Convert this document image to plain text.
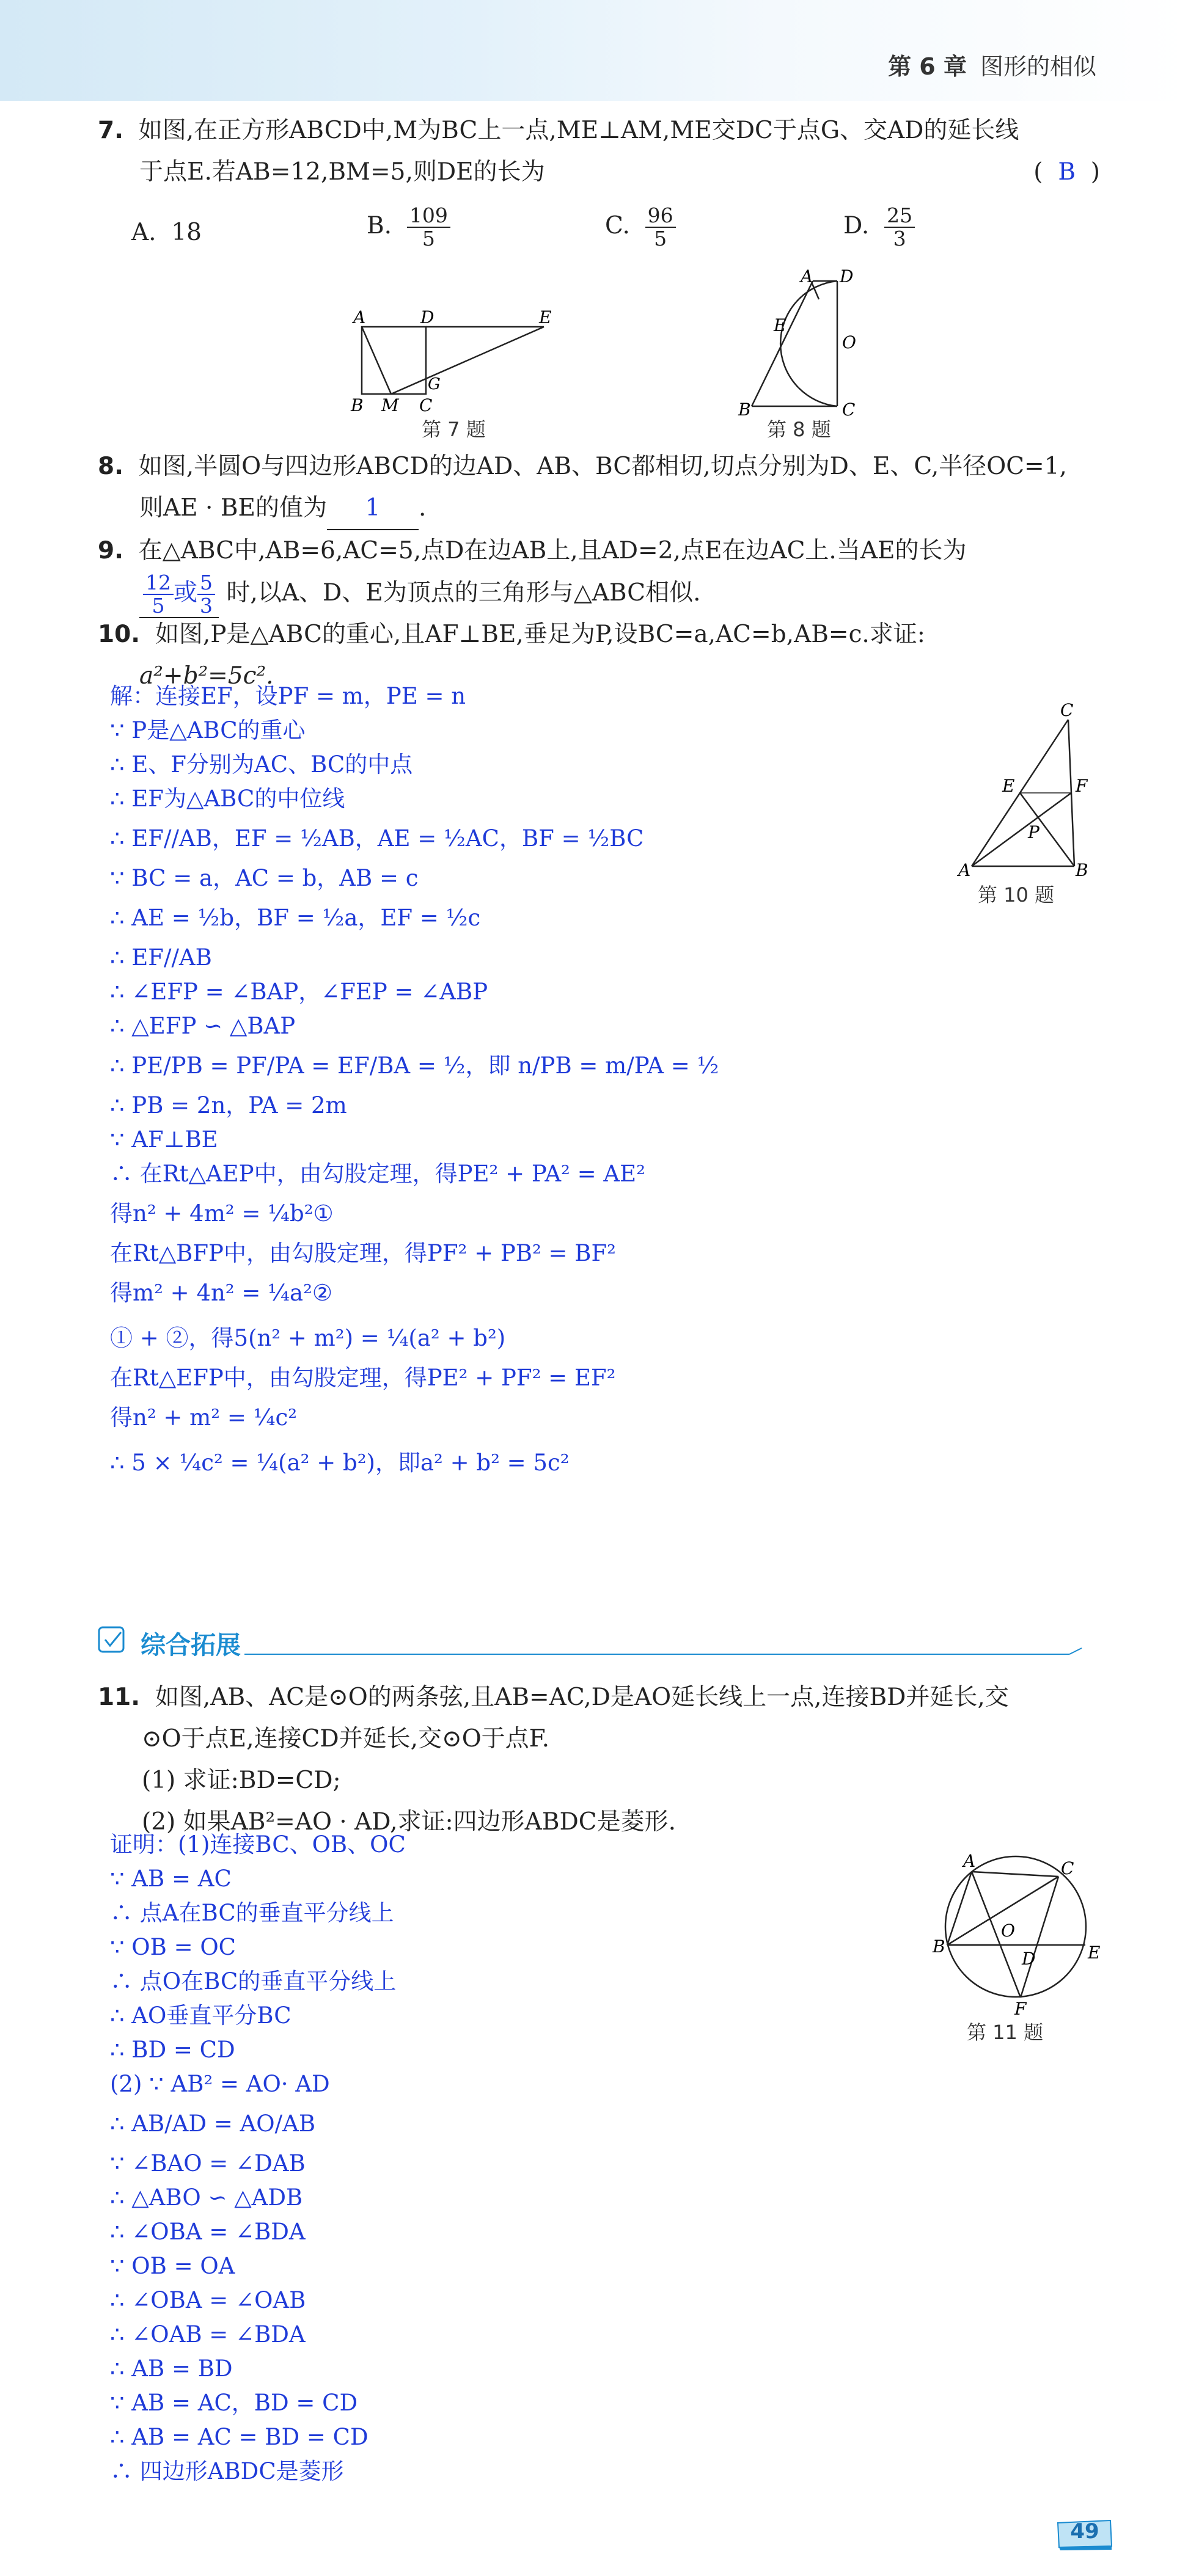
第 6 章 图形的相似
7. 如图,在正方形ABCD中,M为BC上一点,ME⊥AM,ME交DC于点G、交AD的延长线
于点E.若AB=12,BM=5,则DE的长为	(  B  )
A. 18	B. $\frac{109}{5}$	C. $\frac{96}{5}$	D. $\frac{25}{3}$
A	D	E
B M C
G
第 7 题
A D
E
O
B	C
第 8 题
8. 如图,半圆O与四边形ABCD的边AD、AB、BC都相切,切点分别为D、E、C,半径OC=1,
则AE · BE的值为 1 .
9. 在△ABC中,AB=6,AC=5,点D在边AB上,且AD=2,点E在边AC上.当AE的长为
$\frac{12}{5}$ 或 $\frac{5}{3}$ 时,以A、D、E为顶点的三角形与△ABC相似.
10. 如图,P是△ABC的重心,且AF⊥BE,垂足为P,设BC=a,AC=b,AB=c.求证:
a²+b²=5c².
C
E	F
P
A	B
第 10 题
解：连接EF，设PF = m，PE = n
∵ P是△ABC的重心
∴ E、F分别为AC、BC的中点
∴ EF为△ABC的中位线
∴ EF//AB，EF = ½AB，AE = ½AC，BF = ½BC
∵ BC = a，AC = b，AB = c
∴ AE = ½b，BF = ½a，EF = ½c
∴ EF//AB
∴ ∠EFP = ∠BAP，∠FEP = ∠ABP
∴ △EFP ∽ △BAP
∴ PE/PB = PF/PA = EF/BA = ½，即 n/PB = m/PA = ½
∴ PB = 2n，PA = 2m
∵ AF⊥BE
∴ 在Rt△AEP中，由勾股定理，得PE² + PA² = AE²
得n² + 4m² = ¼b²①
在Rt△BFP中，由勾股定理，得PF² + PB² = BF²
得m² + 4n² = ¼a²②
① + ②，得5(n² + m²) = ¼(a² + b²)
在Rt△EFP中，由勾股定理，得PE² + PF² = EF²
得n² + m² = ¼c²
∴ 5 × ¼c² = ¼(a² + b²)，即a² + b² = 5c²
综合拓展
11. 如图,AB、AC是⊙O的两条弦,且AB=AC,D是AO延长线上一点,连接BD并延长,交
⊙O于点E,连接CD并延长,交⊙O于点F.
(1) 求证:BD=CD;
(2) 如果AB²=AO · AD,求证:四边形ABDC是菱形.
A	C
O
B
D	E
F
第 11 题
证明：(1)连接BC、OB、OC
∵ AB = AC
∴ 点A在BC的垂直平分线上
∵ OB = OC
∴ 点O在BC的垂直平分线上
∴ AO垂直平分BC
∴ BD = CD
(2) ∵ AB² = AO· AD
∴ AB/AD = AO/AB
∵ ∠BAO = ∠DAB
∴ △ABO ∽ △ADB
∴ ∠OBA = ∠BDA
∵ OB = OA
∴ ∠OBA = ∠OAB
∴ ∠OAB = ∠BDA
∴ AB = BD
∵ AB = AC，BD = CD
∴ AB = AC = BD = CD
∴ 四边形ABDC是菱形
49
